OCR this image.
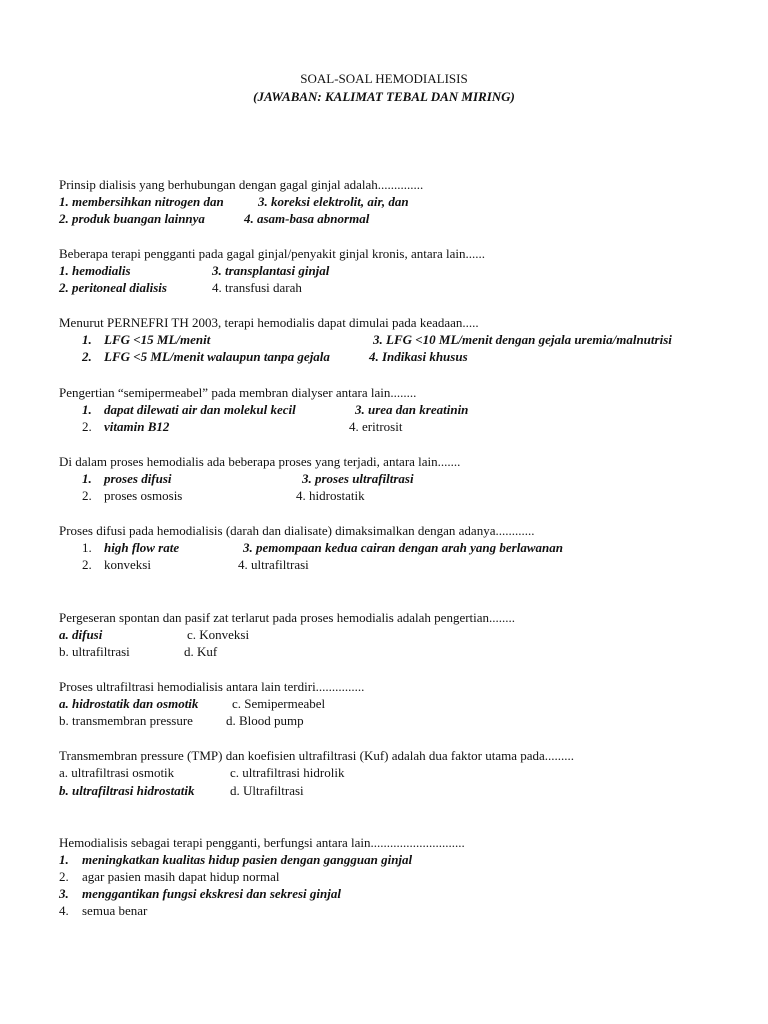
SOAL-SOAL HEMODIALISIS
(JAWABAN: KALIMAT TEBAL DAN MIRING)
Prinsip dialisis yang berhubungan dengan gagal ginjal adalah..............
1. membersihkan nitrogen dan	3. koreksi elektrolit, air, dan
2. produk buangan lainnya	4. asam-basa abnormal
Beberapa terapi pengganti pada gagal ginjal/penyakit ginjal kronis, antara lain......
1. hemodialis	3. transplantasi ginjal
2. peritoneal dialisis	4. transfusi darah
Menurut PERNEFRI TH 2003, terapi hemodialis dapat dimulai pada keadaan.....
1. LFG <15 ML/menit	3. LFG <10 ML/menit dengan gejala uremia/malnutrisi
2. LFG <5 ML/menit walaupun tanpa gejala	4. Indikasi khusus
Pengertian “semipermeabel” pada membran dialyser antara lain........
1. dapat dilewati air dan molekul kecil	3. urea dan kreatinin
2. vitamin B12	4. eritrosit
Di dalam proses hemodialis ada beberapa proses yang terjadi, antara lain.......
1. proses difusi	3. proses ultrafiltrasi
2. proses osmosis	4. hidrostatik
Proses difusi pada hemodialisis (darah dan dialisate) dimaksimalkan dengan adanya............
1. high flow rate	3. pemompaan kedua cairan dengan arah yang berlawanan
2. konveksi	4. ultrafiltrasi
Pergeseran spontan dan pasif zat terlarut pada proses hemodialis adalah pengertian........
a. difusi	c. Konveksi
b. ultrafiltrasi	d. Kuf
Proses ultrafiltrasi hemodialisis antara lain terdiri...............
a. hidrostatik dan osmotik	c. Semipermeabel
b. transmembran pressure	d. Blood pump
Transmembran pressure (TMP) dan koefisien ultrafiltrasi (Kuf) adalah dua faktor utama pada.........
a. ultrafiltrasi osmotik	c. ultrafiltrasi hidrolik
b. ultrafiltrasi hidrostatik	d. Ultrafiltrasi
Hemodialisis sebagai terapi pengganti, berfungsi antara lain.............................
1. meningkatkan kualitas hidup pasien dengan gangguan ginjal
2. agar pasien masih dapat hidup normal
3. menggantikan fungsi ekskresi dan sekresi ginjal
4. semua benar
